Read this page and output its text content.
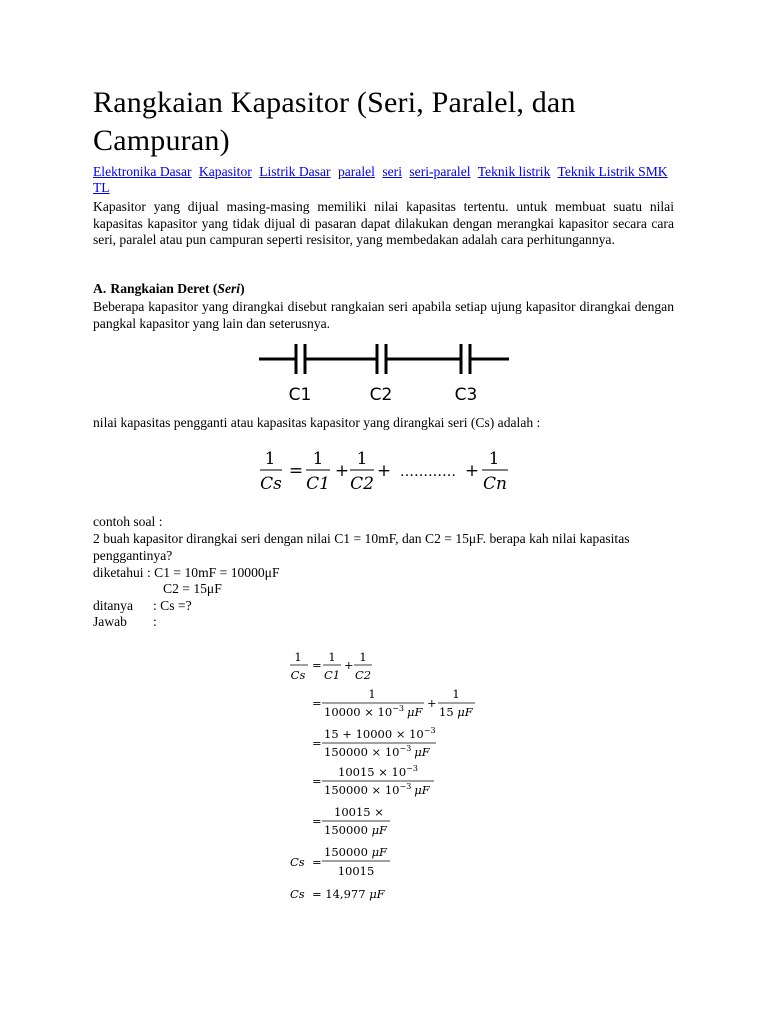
Rangkaian Kapasitor (Seri, Paralel, dan Campuran)
Elektronika Dasar Kapasitor Listrik Dasar paralel seri seri-paralel Teknik listrik Teknik Listrik SMK TL

Kapasitor yang dijual masing-masing memiliki nilai kapasitas tertentu. untuk membuat suatu nilai kapasitas kapasitor yang tidak dijual di pasaran dapat dilakukan dengan merangkai kapasitor secara cara seri, paralel atau pun campuran seperti resisitor, yang membedakan adalah cara perhitungannya.

A. Rangkaian Deret (Seri)

Beberapa kapasitor yang dirangkai disebut rangkaian seri apabila setiap ujung kapasitor dirangkai dengan pangkal kapasitor yang lain dan seterusnya.

C1	C2	C3
nilai kapasitas pengganti atau kapasitas kapasitor yang dirangkai seri (Cs) adalah :
1
Cs
=
1
C1
+
1
C2
+ ………… +
1
Cn
contoh soal :

2 buah kapasitor dirangkai seri dengan nilai C1 = 10mF, dan C2 = 15μF. berapa kah nilai kapasitas penggantinya?

diketahui : C1 = 10mF = 10000μF
C2 = 15μF
ditanya : Cs =?
Jawab :
1
Cs
=
1
C1
+
1
C2
=
1
$10000 \times 10^{-3}$ μF
+
1
15 μF
=
$15 + 10000 \times 10^{-3}$
$150000 \times 10^{-3}$ μF
=
$10015 \times 10^{-3}$
$150000 \times 10^{-3}$ μF
=
10015 ×
150000 μF
Cs =
150000 μF
10015
Cs = 14,977 μF
